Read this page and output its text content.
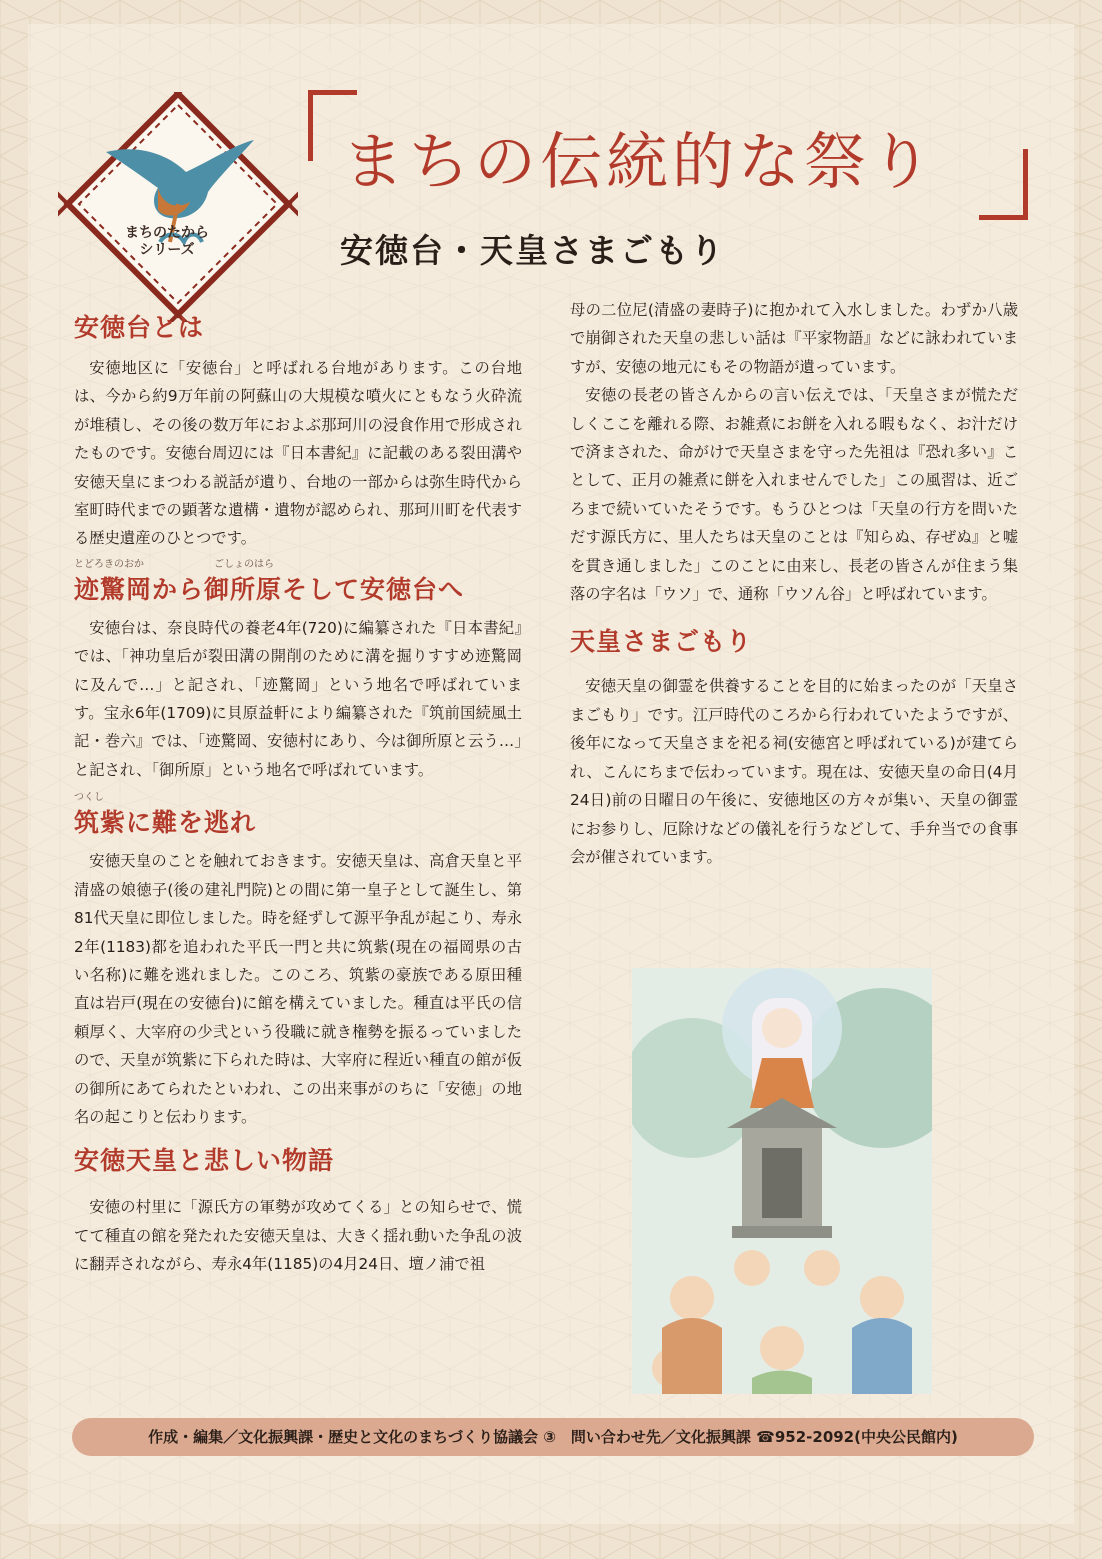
まちのたから
シリーズ
まちの伝統的な祭り
安徳台・天皇さまごもり
安徳台とは

安徳地区に「安徳台」と呼ばれる台地があります。この台地は、今から約9万年前の阿蘇山の大規模な噴火にともなう火砕流が堆積し、その後の数万年におよぶ那珂川の浸食作用で形成されたものです。安徳台周辺には『日本書紀』に記載のある裂田溝や安徳天皇にまつわる説話が遺り、台地の一部からは弥生時代から室町時代までの顕著な遺構・遺物が認められ、那珂川町を代表する歴史遺産のひとつです。

とどろきのおか　　　　　　　ごしょのはら
迹驚岡から御所原そして安徳台へ

安徳台は、奈良時代の養老4年(720)に編纂された『日本書紀』では、「神功皇后が裂田溝の開削のために溝を掘りすすめ迹驚岡に及んで…」と記され、「迹驚岡」という地名で呼ばれています。宝永6年(1709)に貝原益軒により編纂された『筑前国続風土記・巻六』では、「迹驚岡、安徳村にあり、今は御所原と云う…」と記され、「御所原」という地名で呼ばれています。

つくし
筑紫に難を逃れ

安徳天皇のことを触れておきます。安徳天皇は、高倉天皇と平清盛の娘徳子(後の建礼門院)との間に第一皇子として誕生し、第81代天皇に即位しました。時を経ずして源平争乱が起こり、寿永2年(1183)都を追われた平氏一門と共に筑紫(現在の福岡県の古い名称)に難を逃れました。このころ、筑紫の豪族である原田種直は岩戸(現在の安徳台)に館を構えていました。種直は平氏の信頼厚く、大宰府の少弐という役職に就き権勢を振るっていましたので、天皇が筑紫に下られた時は、大宰府に程近い種直の館が仮の御所にあてられたといわれ、この出来事がのちに「安徳」の地名の起こりと伝わります。

安徳天皇と悲しい物語

安徳の村里に「源氏方の軍勢が攻めてくる」との知らせで、慌てて種直の館を発たれた安徳天皇は、大きく揺れ動いた争乱の波に翻弄されながら、寿永4年(1185)の4月24日、壇ノ浦で祖

母の二位尼(清盛の妻時子)に抱かれて入水しました。わずか八歳で崩御された天皇の悲しい話は『平家物語』などに詠われていますが、安徳の地元にもその物語が遺っています。

安徳の長老の皆さんからの言い伝えでは、「天皇さまが慌ただしくここを離れる際、お雑煮にお餅を入れる暇もなく、お汁だけで済まされた、命がけで天皇さまを守った先祖は『恐れ多い』ことして、正月の雑煮に餅を入れませんでした」この風習は、近ごろまで続いていたそうです。もうひとつは「天皇の行方を問いただす源氏方に、里人たちは天皇のことは『知らぬ、存ぜぬ』と嘘を貫き通しました」このことに由来し、長老の皆さんが住まう集落の字名は「ウソ」で、通称「ウソん谷」と呼ばれています。

天皇さまごもり

安徳天皇の御霊を供養することを目的に始まったのが「天皇さまごもり」です。江戸時代のころから行われていたようですが、後年になって天皇さまを祀る祠(安徳宮と呼ばれている)が建てられ、こんにちまで伝わっています。現在は、安徳天皇の命日(4月24日)前の日曜日の午後に、安徳地区の方々が集い、天皇の御霊にお参りし、厄除けなどの儀礼を行うなどして、手弁当での食事会が催されています。

作成・編集／文化振興課・歴史と文化のまちづくり協議会 ③　問い合わせ先／文化振興課 ☎952-2092(中央公民館内)
